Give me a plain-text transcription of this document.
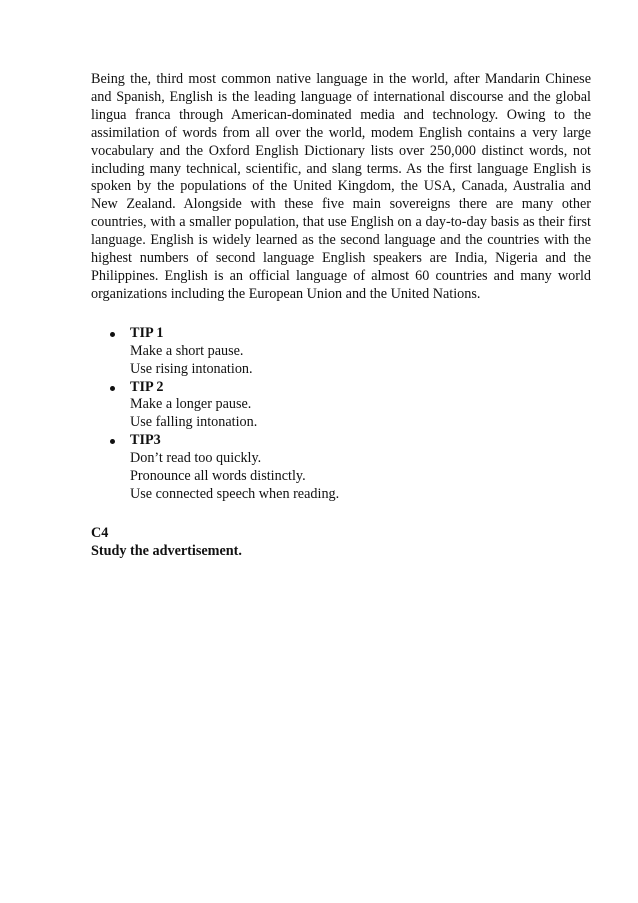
Being the, third most common native language in the world, after Mandarin Chinese and Spanish, English is the leading language of international discourse and the global lingua franca through American-dominated media and technology. Owing to the assimilation of words from all over the world, modem English contains a very large vocabulary and the Oxford English Dictionary lists over 250,000 distinct words, not including many technical, scientific, and slang terms. As the first language English is spoken by the populations of the United Kingdom, the USA, Canada, Australia and New Zealand. Alongside with these five main sovereigns there are many other countries, with a smaller population, that use English on a day-to-day basis as their first language. English is widely learned as the second language and the countries with the highest numbers of second language English speakers are India, Nigeria and the Philippines. English is an official language of almost 60 countries and many world organizations including the European Union and the United Nations.

TIP 1
Make a short pause.
Use rising intonation.
TIP 2
Make a longer pause.
Use falling intonation.
TIP3
Don’t read too quickly.
Pronounce all words distinctly.
Use connected speech when reading.
C4
Study the advertisement.
